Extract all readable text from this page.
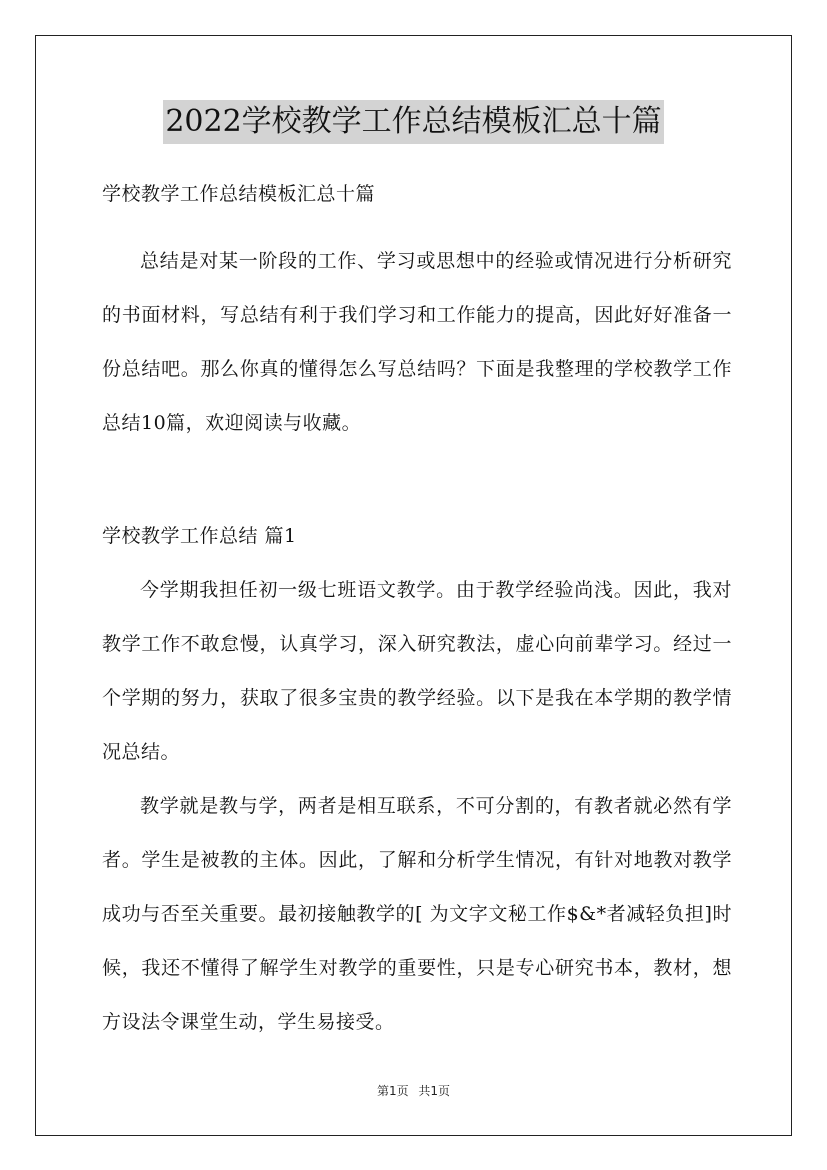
2022学校教学工作总结模板汇总十篇

学校教学工作总结模板汇总十篇

总结是对某一阶段的工作、学习或思想中的经验或情况进行分析研究的书面材料，写总结有利于我们学习和工作能力的提高，因此好好准备一份总结吧。那么你真的懂得怎么写总结吗？下面是我整理的学校教学工作总结10篇，欢迎阅读与收藏。

学校教学工作总结 篇1

今学期我担任初一级七班语文教学。由于教学经验尚浅。因此，我对教学工作不敢怠慢，认真学习，深入研究教法，虚心向前辈学习。经过一个学期的努力，获取了很多宝贵的教学经验。以下是我在本学期的教学情况总结。

教学就是教与学，两者是相互联系，不可分割的，有教者就必然有学者。学生是被教的主体。因此，了解和分析学生情况，有针对地教对教学成功与否至关重要。最初接触教学的[ 为文字文秘工作$&*者减轻负担]时候，我还不懂得了解学生对教学的重要性，只是专心研究书本，教材，想方设法令课堂生动，学生易接受。

第1页 共1页
